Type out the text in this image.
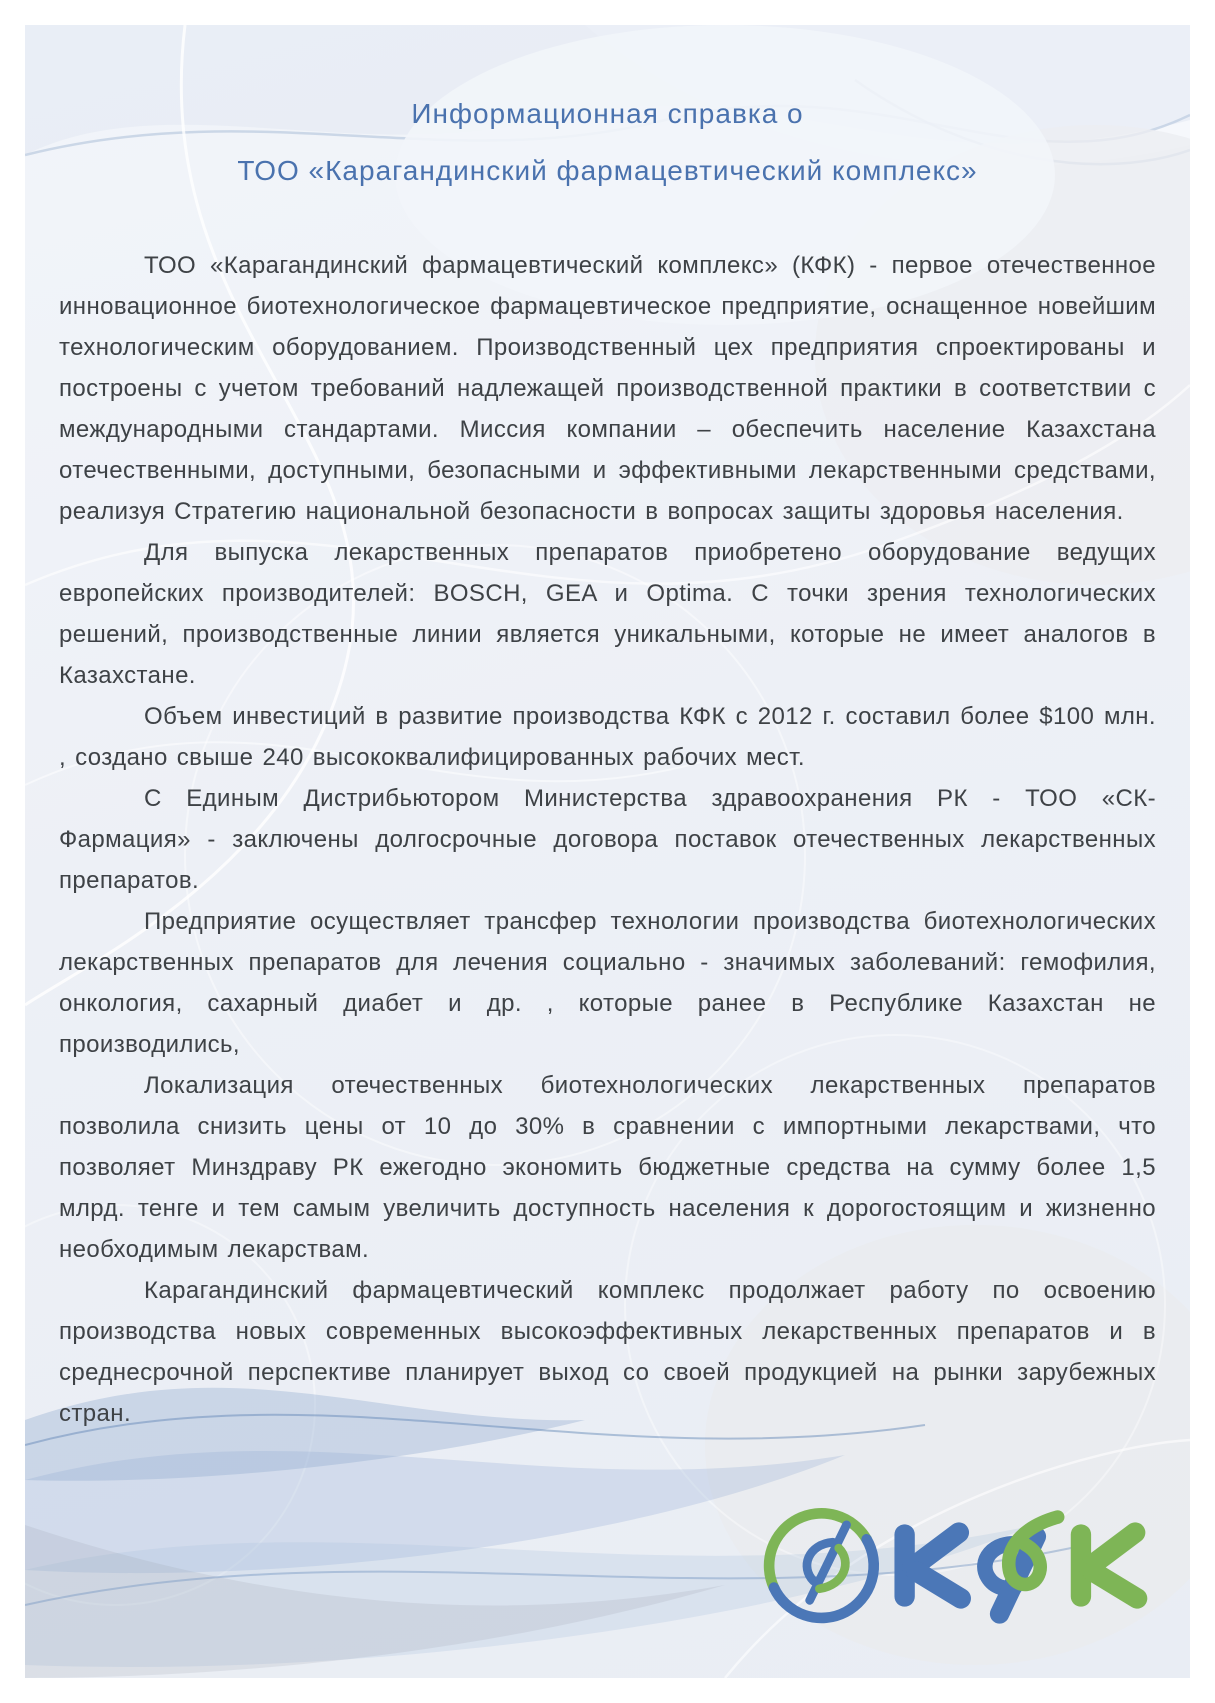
Информационная справка о
ТОО «Карагандинский фармацевтический комплекс»

ТОО «Карагандинский фармацевтический комплекс» (КФК) - первое отечественное инновационное биотехнологическое фармацевтическое предприятие, оснащенное новейшим технологическим оборудованием. Производственный цех предприятия спроектированы и построены с учетом требований надлежащей производственной практики в соответствии с международными стандартами. Миссия компании – обеспечить население Казахстана отечественными, доступными, безопасными и эффективными лекарственными средствами, реализуя Стратегию национальной безопасности в вопросах защиты здоровья населения.

Для выпуска лекарственных препаратов приобретено оборудование ведущих европейских производителей: BOSCH, GEA и Optima. С точки зрения технологических решений, производственные линии является уникальными, которые не имеет аналогов в Казахстане.

Объем инвестиций в развитие производства КФК с 2012 г. составил более $100 млн. , создано свыше 240 высококвалифицированных рабочих мест.

С Единым Дистрибьютором Министерства здравоохранения РК - ТОО «СК-Фармация» - заключены долгосрочные договора поставок отечественных лекарственных препаратов.

Предприятие осуществляет трансфер технологии производства биотехнологических лекарственных препаратов для лечения социально - значимых заболеваний: гемофилия, онкология, сахарный диабет и др. , которые ранее в Республике Казахстан не производились,

Локализация отечественных биотехнологических лекарственных препаратов позволила снизить цены от 10 до 30% в сравнении с импортными лекарствами, что позволяет Минздраву РК ежегодно экономить бюджетные средства на сумму более 1,5 млрд. тенге и тем самым увеличить доступность населения к дорогостоящим и жизненно необходимым лекарствам.

Карагандинский фармацевтический комплекс продолжает работу по освоению производства новых современных высокоэффективных лекарственных препаратов и в среднесрочной перспективе планирует выход со своей продукцией на рынки зарубежных стран.
